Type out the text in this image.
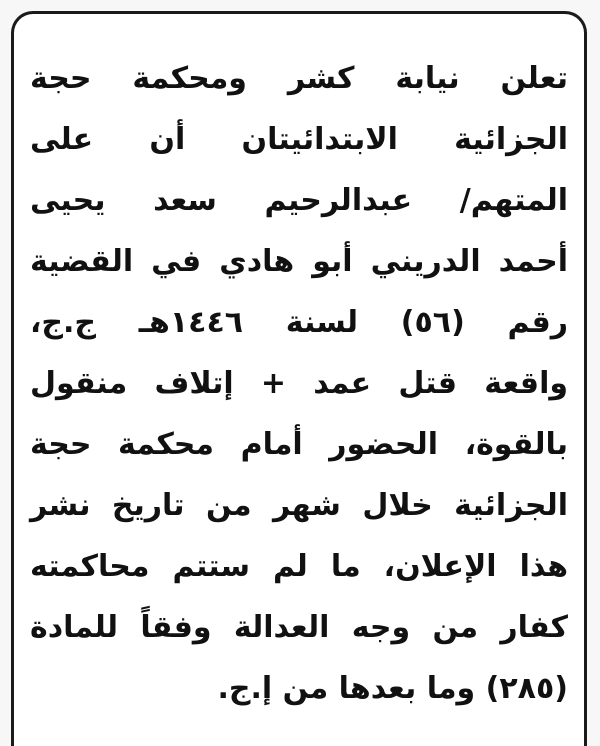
تعلن نيابة كشر ومحكمة حجة
الجزائية الابتدائيتان أن على
المتهم/ عبدالرحيم سعد يحيى
أحمد الدريني أبو هادي في القضية
رقم (٥٦) لسنة ١٤٤٦هـ ج.ج،
واقعة قتل عمد + إتلاف منقول
بالقوة، الحضور أمام محكمة حجة
الجزائية خلال شهر من تاريخ نشر
هذا الإعلان، ما لم ستتم محاكمته
كفار من وجه العدالة وفقاً للمادة
(٢٨٥) وما بعدها من إ.ج.
